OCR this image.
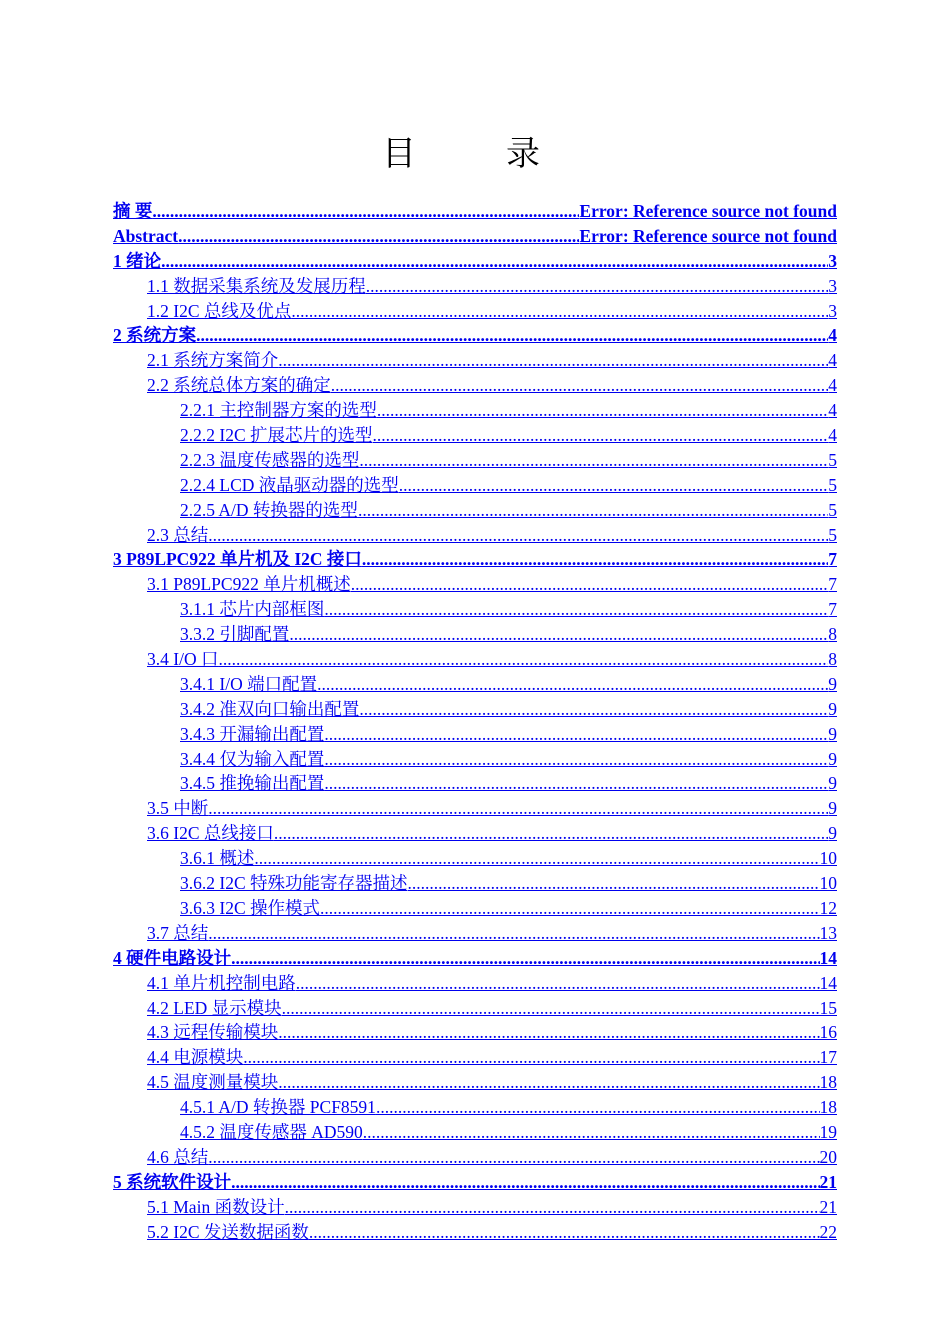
目　录
摘 要 .....	Error: Reference source not found
Abstract .....	Error: Reference source not found
1 绪论 .....	3
1.1 数据采集系统及发展历程 .....	3
1.2 I2C 总线及优点 .....	3
2 系统方案 .....	4
2.1 系统方案简介 .....	4
2.2 系统总体方案的确定 .....	4
2.2.1 主控制器方案的选型 .....	4
2.2.2 I2C 扩展芯片的选型 .....	4
2.2.3 温度传感器的选型 .....	5
2.2.4 LCD 液晶驱动器的选型 .....	5
2.2.5 A/D 转换器的选型 .....	5
2.3 总结 .....	5
3 P89LPC922 单片机及 I2C 接口 .....	7
3.1 P89LPC922 单片机概述 .....	7
3.1.1 芯片内部框图 .....	7
3.3.2 引脚配置 .....	8
3.4 I/O 口 .....	8
3.4.1 I/O 端口配置 .....	9
3.4.2 准双向口输出配置 .....	9
3.4.3 开漏输出配置 .....	9
3.4.4 仅为输入配置 .....	9
3.4.5 推挽输出配置 .....	9
3.5 中断 .....	9
3.6 I2C 总线接口 .....	9
3.6.1 概述 .....	10
3.6.2 I2C 特殊功能寄存器描述 .....	10
3.6.3 I2C 操作模式 .....	12
3.7 总结 .....	13
4 硬件电路设计 .....	14
4.1 单片机控制电路 .....	14
4.2 LED 显示模块 .....	15
4.3 远程传输模块 .....	16
4.4 电源模块 .....	17
4.5 温度测量模块 .....	18
4.5.1 A/D 转换器 PCF8591 .....	18
4.5.2 温度传感器 AD590 .....	19
4.6 总结 .....	20
5 系统软件设计 .....	21
5.1 Main 函数设计 .....	21
5.2 I2C 发送数据函数 .....	22
